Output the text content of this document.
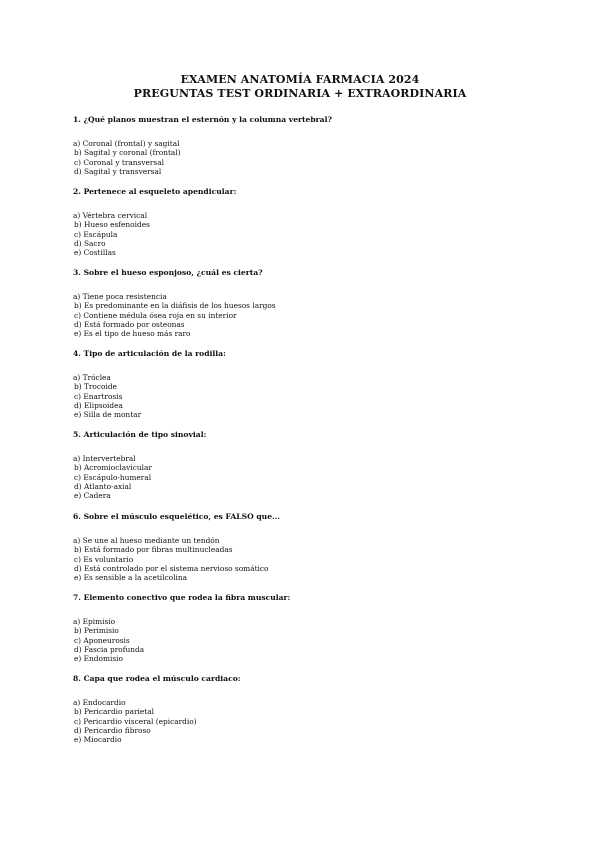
EXAMEN ANATOMÍA FARMACIA 2024
PREGUNTAS TEST ORDINARIA + EXTRAORDINARIA

1. ¿Qué planos muestran el esternón y la columna vertebral?

a) Coronal (frontal) y sagital
b) Sagital y coronal (frontal)
c) Coronal y transversal
d) Sagital y transversal

2. Pertenece al esqueleto apendicular:

a) Vértebra cervical
b) Hueso esfenoides
c) Escápula
d) Sacro
e) Costillas

3. Sobre el hueso esponjoso, ¿cuál es cierta?

a) Tiene poca resistencia
b) Es predominante en la diáfisis de los huesos largos
c) Contiene médula ósea roja en su interior
d) Está formado por osteonas
e) Es el tipo de hueso más raro

4. Tipo de articulación de la rodilla:

a) Tróclea
b) Trocoide
c) Enartrosis
d) Elipsoidea
e) Silla de montar

5. Articulación de tipo sinovial:

a) Intervertebral
b) Acromioclavicular
c) Escápulo-humeral
d) Atlanto-axial
e) Cadera

6. Sobre el músculo esquelético, es FALSO que...

a) Se une al hueso mediante un tendón
b) Está formado por fibras multinucleadas
c) Es voluntario
d) Está controlado por el sistema nervioso somático
e) Es sensible a la acetilcolina

7. Elemento conectivo que rodea la fibra muscular:

a) Epimisio
b) Perimisio
c) Aponeurosis
d) Fascia profunda
e) Endomisio

8. Capa que rodea el músculo cardiaco:

a) Endocardio
b) Pericardio parietal
c) Pericardio visceral (epicardio)
d) Pericardio fibroso
e) Miocardio
